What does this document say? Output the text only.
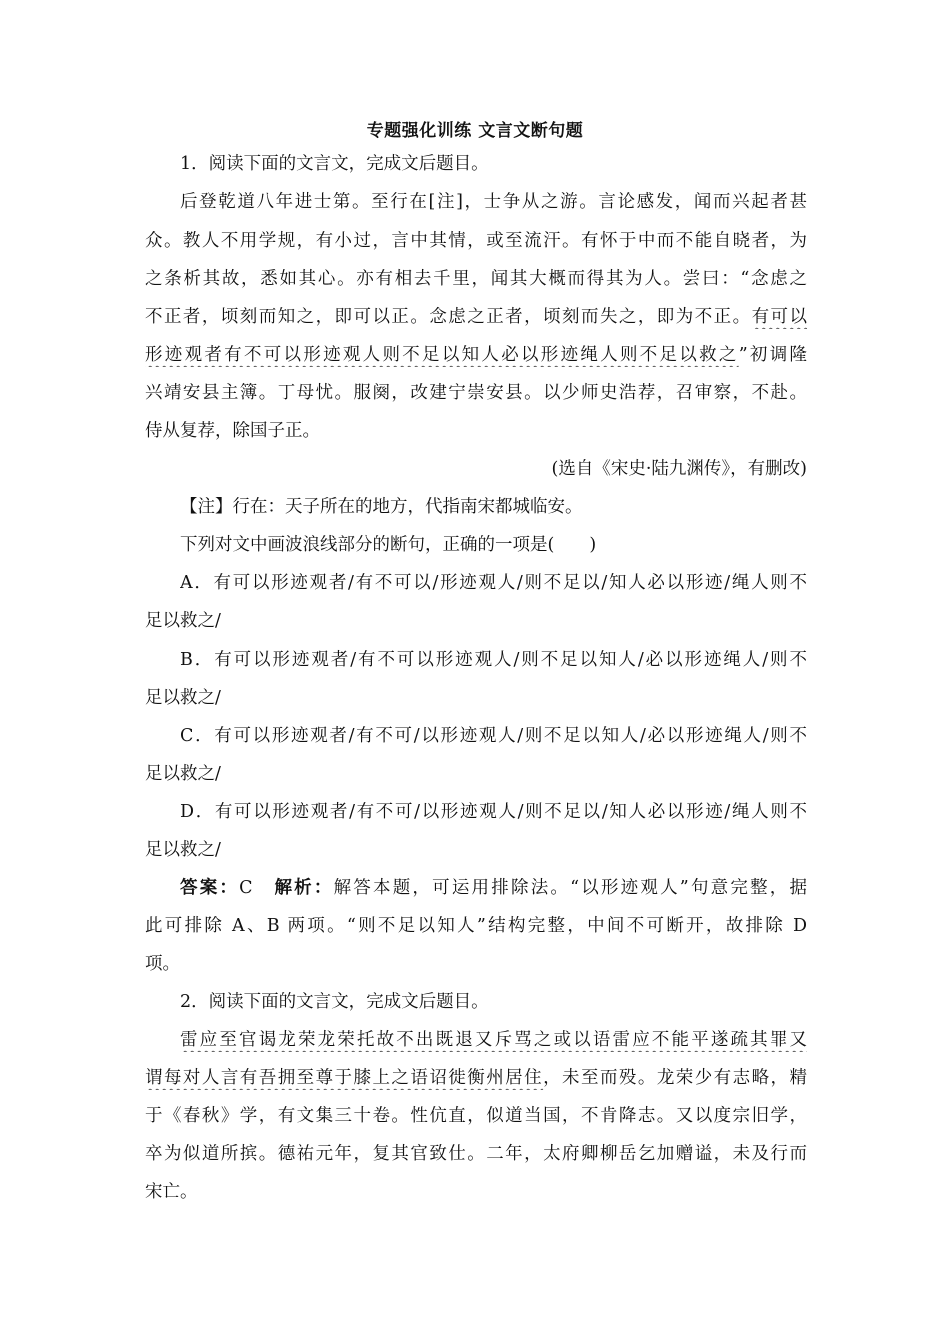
专题强化训练 文言文断句题
1．阅读下面的文言文，完成文后题目。
后登乾道八年进士第。至行在[注]，士争从之游。言论感发，闻而兴起者甚
众。教人不用学规，有小过，言中其情，或至流汗。有怀于中而不能自晓者，为
之条析其故，悉如其心。亦有相去千里，闻其大概而得其为人。尝曰：“念虑之
不正者，顷刻而知之，即可以正。念虑之正者，顷刻而失之，即为不正。有可以
形迹观者有不可以形迹观人则不足以知人必以形迹绳人则不足以救之”初调隆
兴靖安县主簿。丁母忧。服阕，改建宁崇安县。以少师史浩荐，召审察，不赴。
侍从复荐，除国子正。
(选自《宋史·陆九渊传》，有删改)
【注】行在：天子所在的地方，代指南宋都城临安。
下列对文中画波浪线部分的断句，正确的一项是(　　)
A．有可以形迹观者/有不可以/形迹观人/则不足以/知人必以形迹/绳人则不
足以救之/
B．有可以形迹观者/有不可以形迹观人/则不足以知人/必以形迹绳人/则不
足以救之/
C．有可以形迹观者/有不可/以形迹观人/则不足以知人/必以形迹绳人/则不
足以救之/
D．有可以形迹观者/有不可/以形迹观人/则不足以/知人必以形迹/绳人则不
足以救之/
答案：C　 解析：解答本题，可运用排除法。“以形迹观人”句意完整，据
此可排除 A、B 两项。“则不足以知人”结构完整，中间不可断开，故排除 D
项。
2．阅读下面的文言文，完成文后题目。
雷应至官谒龙荣龙荣托故不出既退又斥骂之或以语雷应不能平遂疏其罪又
谓每对人言有吾拥至尊于膝上之语诏徙衡州居住，未至而殁。龙荣少有志略，精
于《春秋》学，有文集三十卷。性伉直，似道当国，不肯降志。又以度宗旧学，
卒为似道所摈。德祐元年，复其官致仕。二年，太府卿柳岳乞加赠谥，未及行而
宋亡。
